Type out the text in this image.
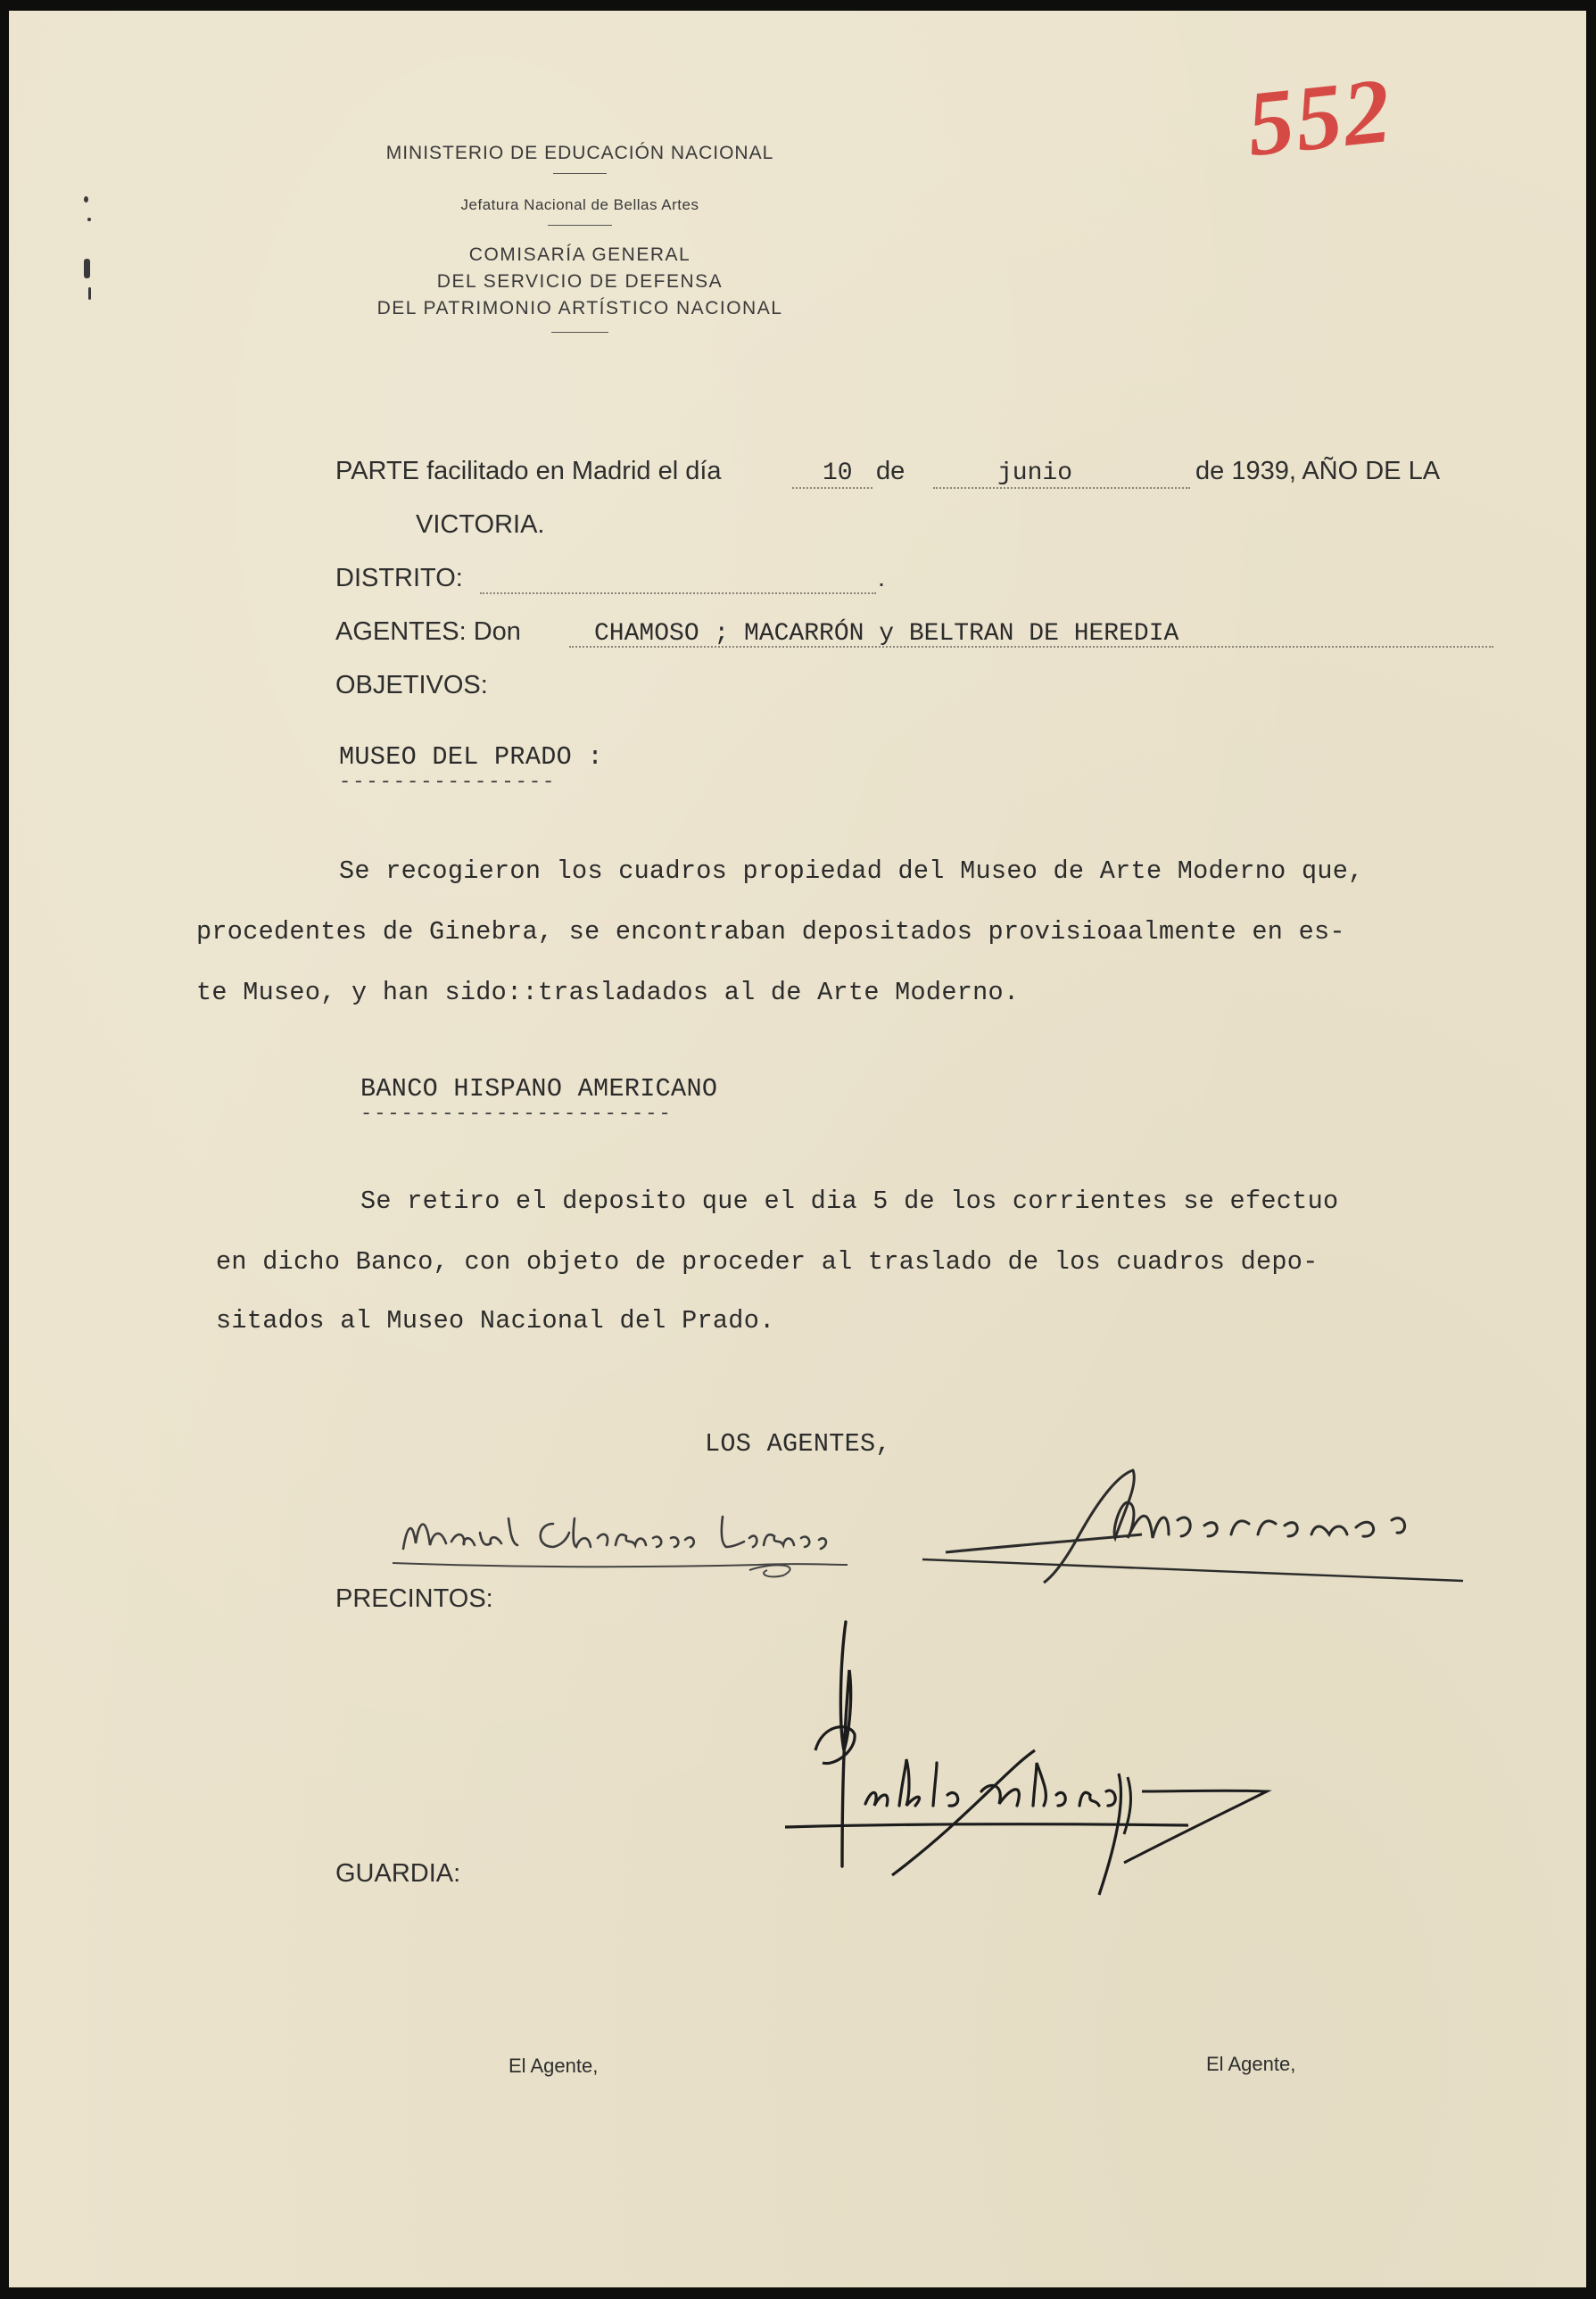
MINISTERIO DE EDUCACIÓN NACIONAL
Jefatura Nacional de Bellas Artes
COMISARÍA GENERAL
DEL SERVICIO DE DEFENSA
DEL PATRIMONIO ARTÍSTICO NACIONAL
552
PARTE facilitado en Madrid el día	10 de	junio	de 1939, AÑO DE LA
VICTORIA.
DISTRITO:	.
AGENTES: Don	CHAMOSO ; MACARRÓN y BELTRAN DE HEREDIA
OBJETIVOS:
MUSEO DEL PRADO :
----------------
Se recogieron los cuadros propiedad del Museo de Arte Moderno que,
procedentes de Ginebra, se encontraban depositados provisioaalmente en es-
te Museo, y han sido::trasladados al de Arte Moderno.
BANCO HISPANO AMERICANO
-----------------------
Se retiro el deposito que el dia 5 de los corrientes se efectuo
en dicho Banco, con objeto de proceder al traslado de los cuadros depo-
sitados al Museo Nacional del Prado.
LOS AGENTES,
PRECINTOS:
GUARDIA:
El Agente,	El Agente,
